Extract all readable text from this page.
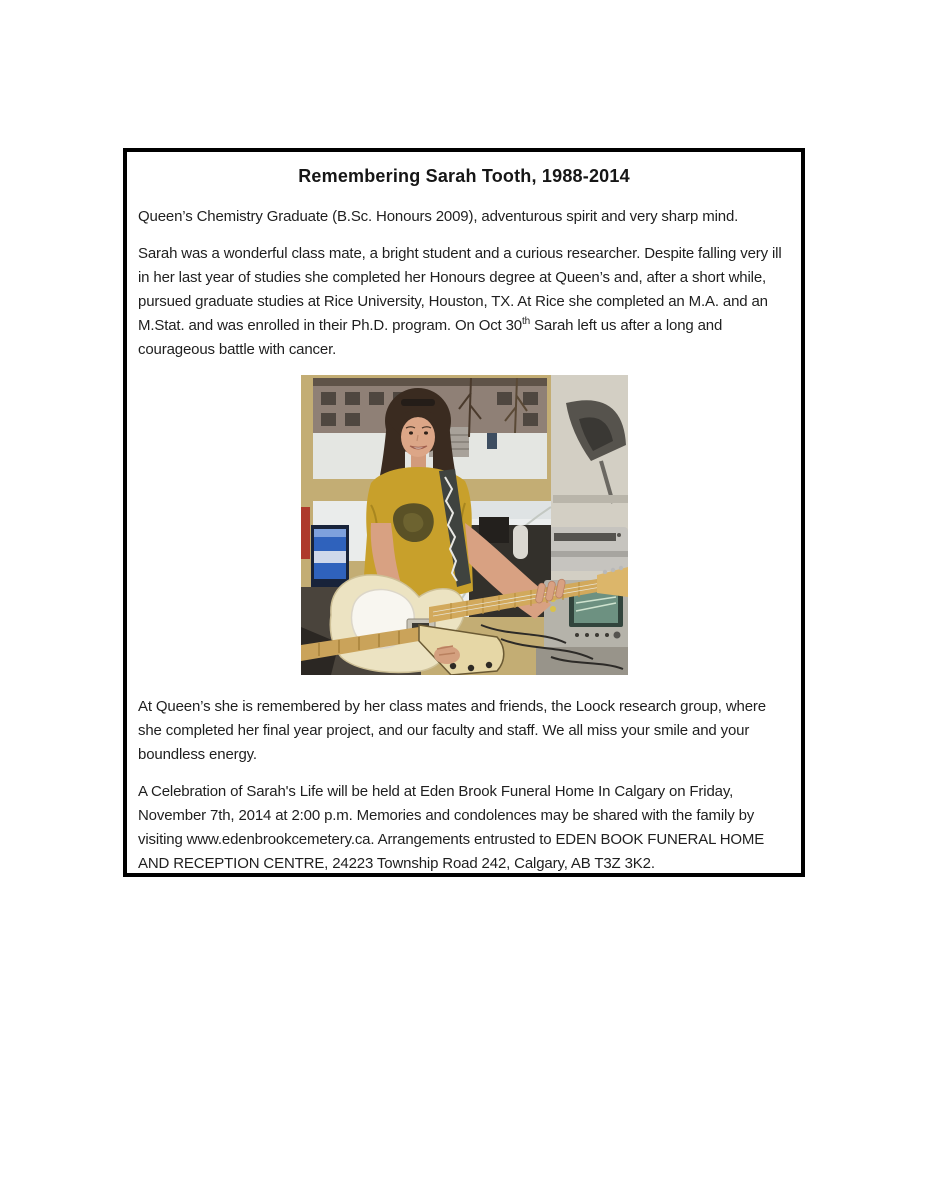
Remembering Sarah Tooth, 1988-2014

Queen’s Chemistry Graduate (B.Sc. Honours 2009), adventurous spirit and very sharp mind.

Sarah was a wonderful class mate, a bright student and a curious researcher. Despite falling very ill in her last year of studies she completed her Honours degree at Queen’s and, after a short while, pursued graduate studies at Rice University, Houston, TX. At Rice she completed an M.A. and an M.Stat. and was enrolled in their Ph.D. program. On Oct 30th Sarah left us after a long and courageous battle with cancer.

At Queen’s she is remembered by her class mates and friends, the Loock research group, where she completed her final year project, and our faculty and staff. We all miss your smile and your boundless energy.

A Celebration of Sarah's Life will be held at Eden Brook Funeral Home In Calgary on Friday, November 7th, 2014 at 2:00 p.m. Memories and condolences may be shared with the family by visiting www.edenbrookcemetery.ca. Arrangements entrusted to EDEN BOOK FUNERAL HOME AND RECEPTION CENTRE, 24223 Township Road 242, Calgary, AB T3Z 3K2.
